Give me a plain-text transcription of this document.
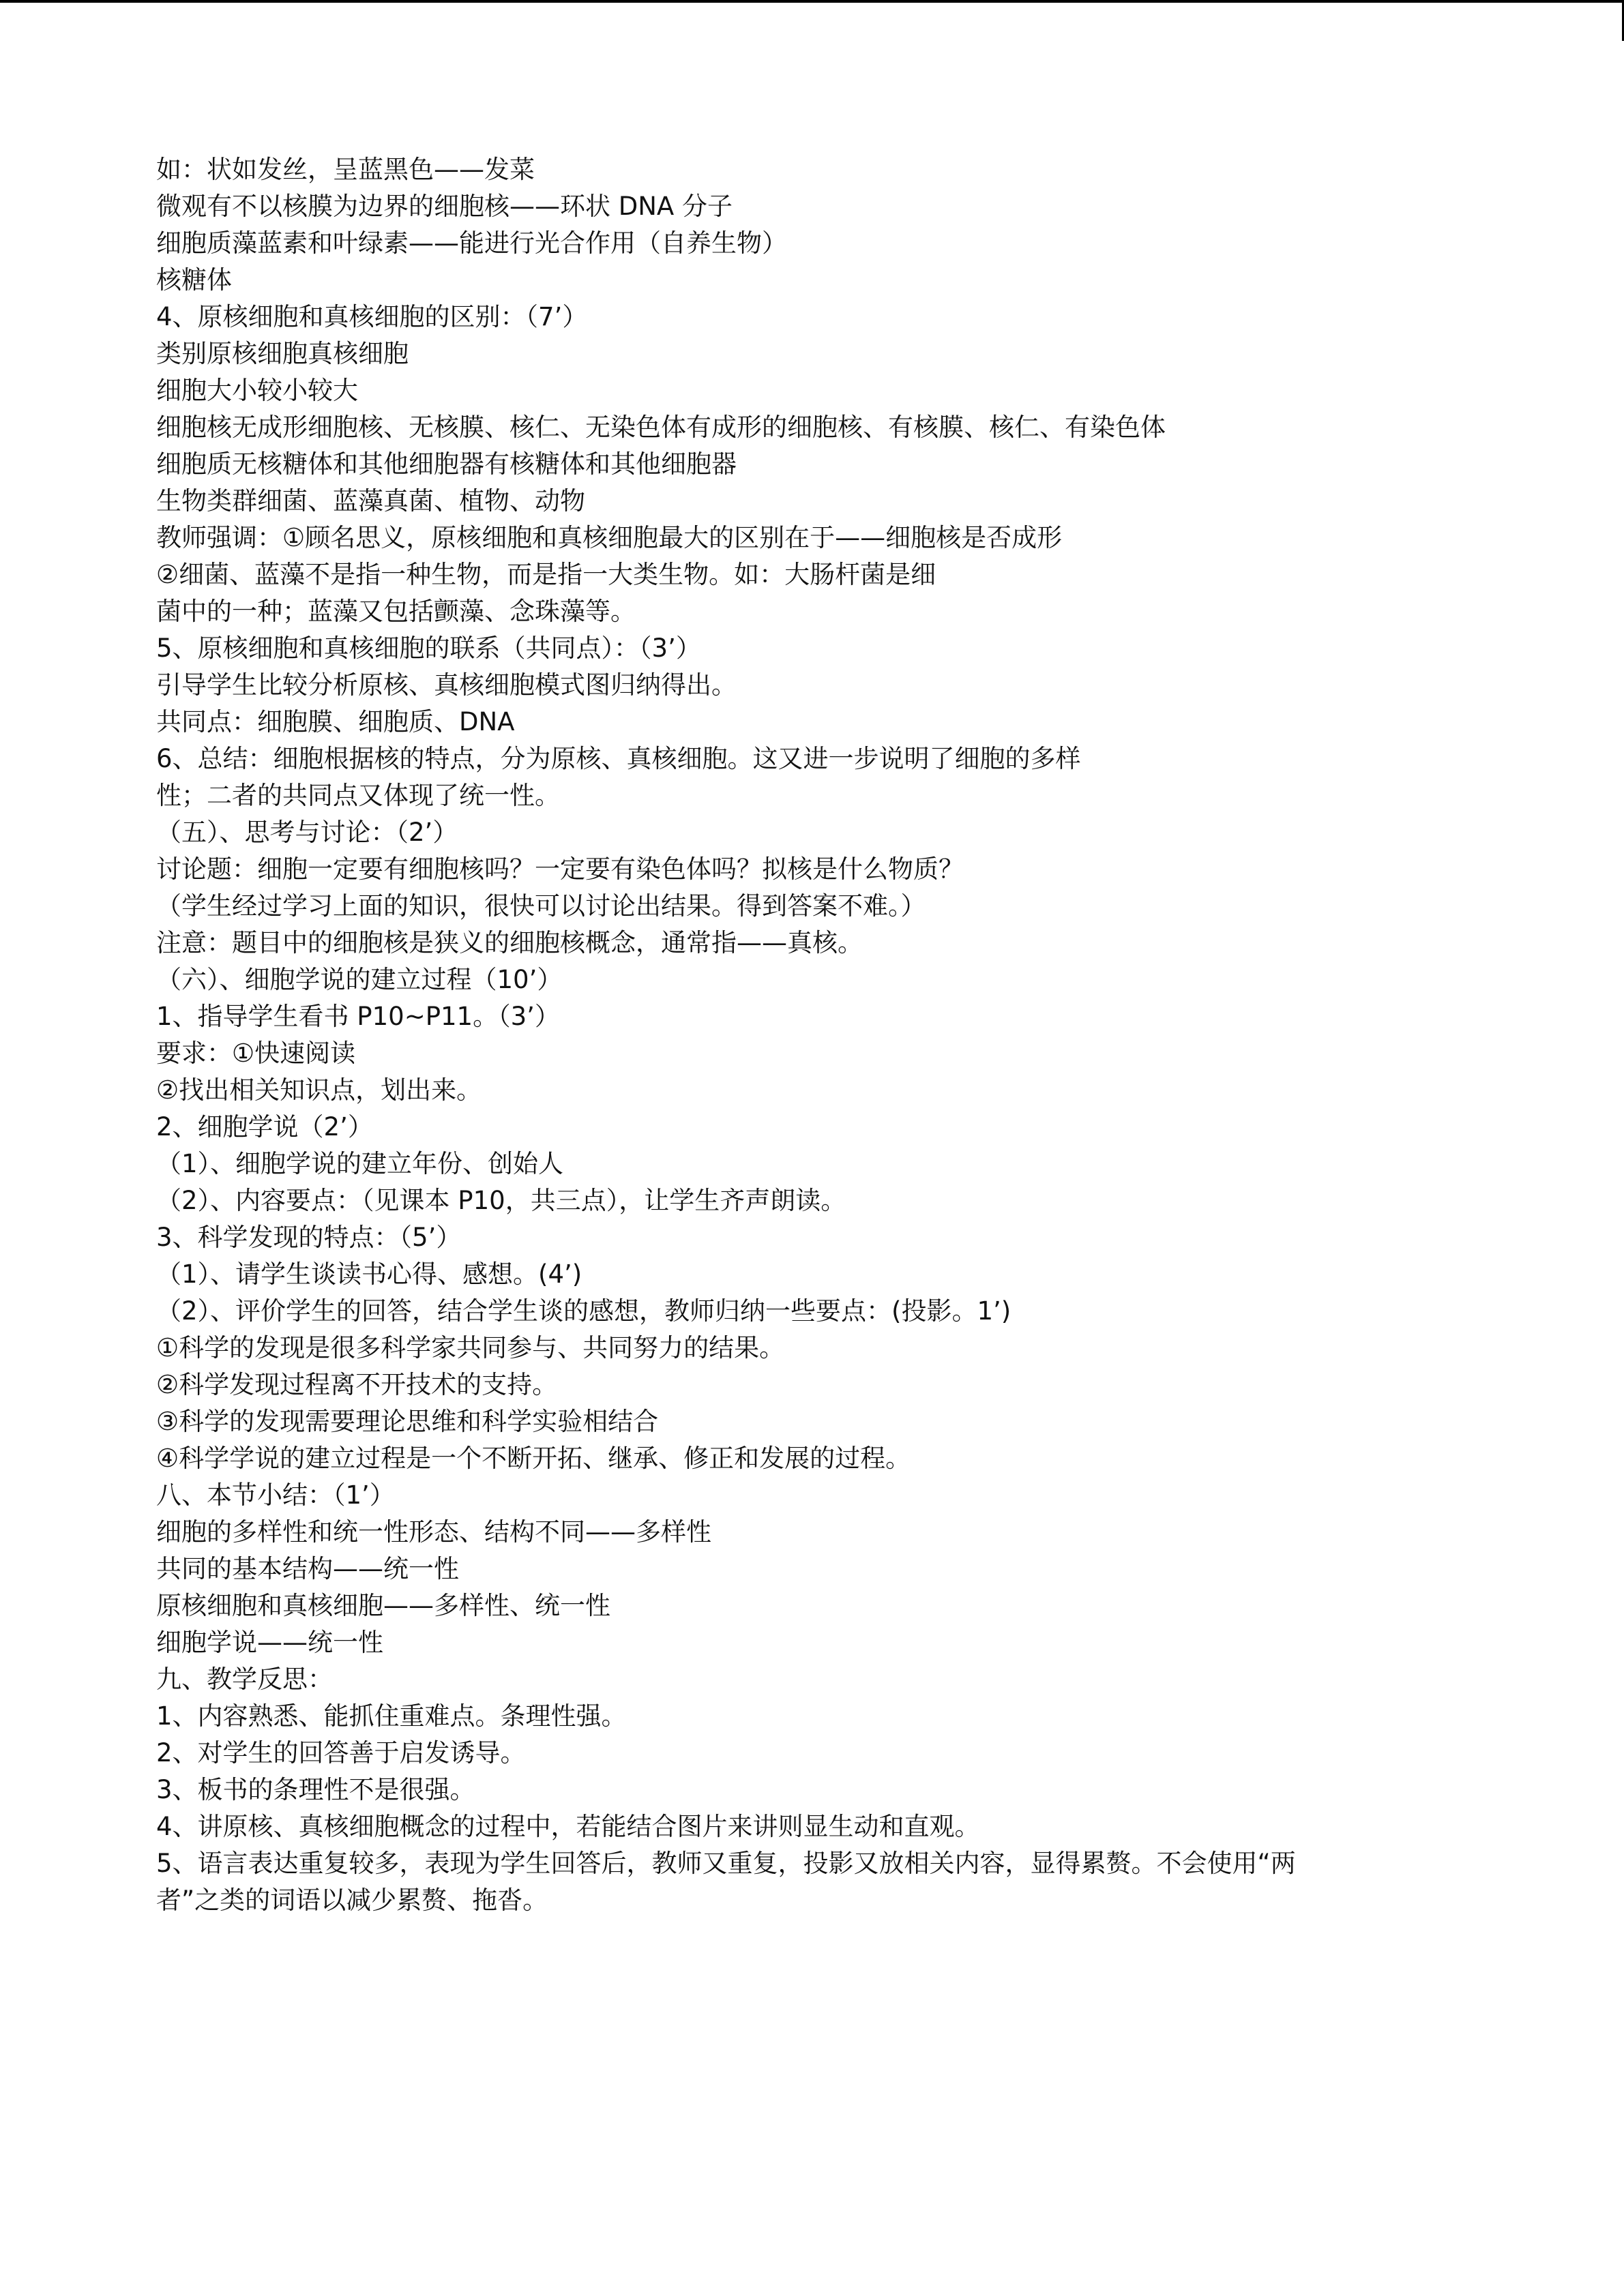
如：状如发丝，呈蓝黑色——发菜
微观有不以核膜为边界的细胞核——环状 DNA 分子
细胞质藻蓝素和叶绿素——能进行光合作用（自养生物）
核糖体
4、原核细胞和真核细胞的区别：（7’）
类别原核细胞真核细胞
细胞大小较小较大
细胞核无成形细胞核、无核膜、核仁、无染色体有成形的细胞核、有核膜、核仁、有染色体
细胞质无核糖体和其他细胞器有核糖体和其他细胞器
生物类群细菌、蓝藻真菌、植物、动物
教师强调：①顾名思义，原核细胞和真核细胞最大的区别在于——细胞核是否成形
②细菌、蓝藻不是指一种生物，而是指一大类生物。如：大肠杆菌是细
菌中的一种；蓝藻又包括颤藻、念珠藻等。
5、原核细胞和真核细胞的联系（共同点）：（3’）
引导学生比较分析原核、真核细胞模式图归纳得出。
共同点：细胞膜、细胞质、DNA
6、总结：细胞根据核的特点，分为原核、真核细胞。这又进一步说明了细胞的多样
性；二者的共同点又体现了统一性。
（五）、思考与讨论：（2’）
讨论题：细胞一定要有细胞核吗？一定要有染色体吗？拟核是什么物质？
（学生经过学习上面的知识，很快可以讨论出结果。得到答案不难。）
注意：题目中的细胞核是狭义的细胞核概念，通常指——真核。
（六）、细胞学说的建立过程（10’）
1、指导学生看书 P10~P11。（3’）
要求：①快速阅读
②找出相关知识点，划出来。
2、细胞学说（2’）
（1）、细胞学说的建立年份、创始人
（2）、内容要点：（见课本 P10，共三点），让学生齐声朗读。
3、科学发现的特点：（5’）
（1）、请学生谈读书心得、感想。(4’)
（2）、评价学生的回答，结合学生谈的感想，教师归纳一些要点：(投影。1’)
①科学的发现是很多科学家共同参与、共同努力的结果。
②科学发现过程离不开技术的支持。
③科学的发现需要理论思维和科学实验相结合
④科学学说的建立过程是一个不断开拓、继承、修正和发展的过程。
八、本节小结：（1’）
细胞的多样性和统一性形态、结构不同——多样性
共同的基本结构——统一性
原核细胞和真核细胞——多样性、统一性
细胞学说——统一性
九、教学反思：
1、内容熟悉、能抓住重难点。条理性强。
2、对学生的回答善于启发诱导。
3、板书的条理性不是很强。
4、讲原核、真核细胞概念的过程中，若能结合图片来讲则显生动和直观。
5、语言表达重复较多，表现为学生回答后，教师又重复，投影又放相关内容，显得累赘。不会使用“两
者”之类的词语以减少累赘、拖沓。
